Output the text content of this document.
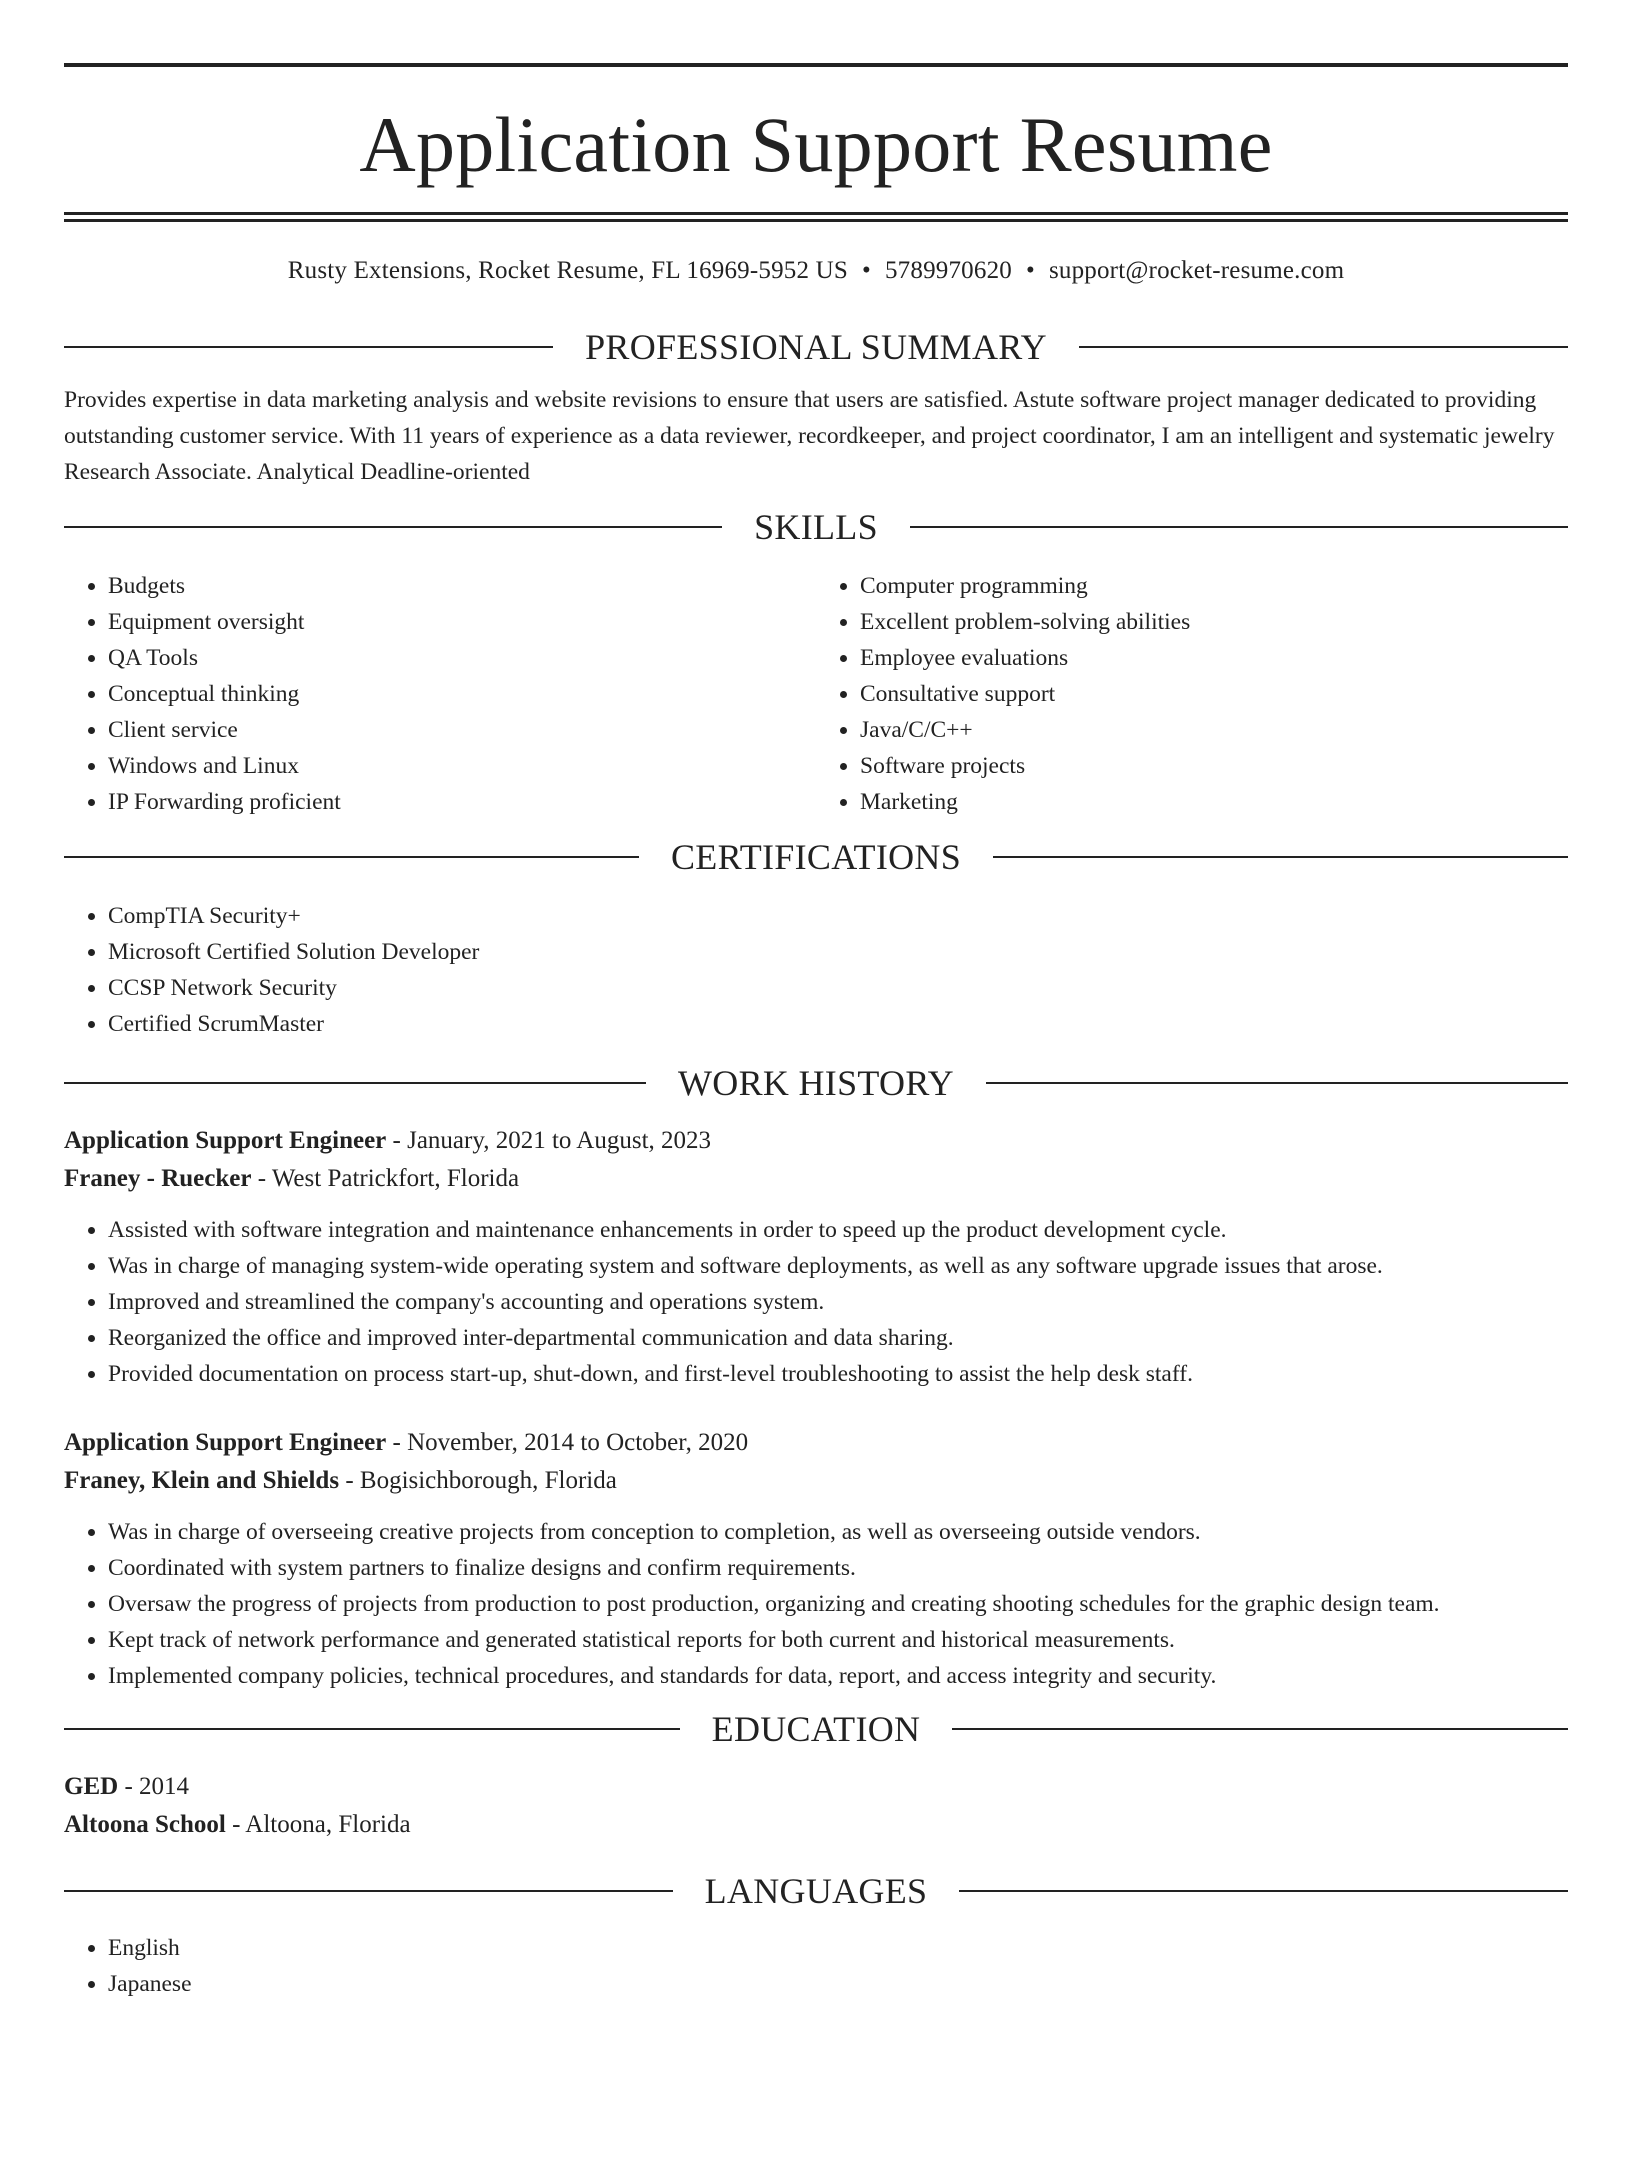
Application Support Resume
Rusty Extensions, Rocket Resume, FL 16969-5952 US • 5789970620 • support@rocket-resume.com
PROFESSIONAL SUMMARY
Provides expertise in data marketing analysis and website revisions to ensure that users are satisfied. Astute software project manager dedicated to providing outstanding customer service. With 11 years of experience as a data reviewer, recordkeeper, and project coordinator, I am an intelligent and systematic jewelry Research Associate. Analytical Deadline-oriented
SKILLS
• Budgets
• Equipment oversight
• QA Tools
• Conceptual thinking
• Client service
• Windows and Linux
• IP Forwarding proficient
• Computer programming
• Excellent problem-solving abilities
• Employee evaluations
• Consultative support
• Java/C/C++
• Software projects
• Marketing
CERTIFICATIONS
• CompTIA Security+
• Microsoft Certified Solution Developer
• CCSP Network Security
• Certified ScrumMaster
WORK HISTORY
Application Support Engineer - January, 2021 to August, 2023
Franey - Ruecker - West Patrickfort, Florida
• Assisted with software integration and maintenance enhancements in order to speed up the product development cycle.
• Was in charge of managing system-wide operating system and software deployments, as well as any software upgrade issues that arose.
• Improved and streamlined the company's accounting and operations system.
• Reorganized the office and improved inter-departmental communication and data sharing.
• Provided documentation on process start-up, shut-down, and first-level troubleshooting to assist the help desk staff.
Application Support Engineer - November, 2014 to October, 2020
Franey, Klein and Shields - Bogisichborough, Florida
• Was in charge of overseeing creative projects from conception to completion, as well as overseeing outside vendors.
• Coordinated with system partners to finalize designs and confirm requirements.
• Oversaw the progress of projects from production to post production, organizing and creating shooting schedules for the graphic design team.
• Kept track of network performance and generated statistical reports for both current and historical measurements.
• Implemented company policies, technical procedures, and standards for data, report, and access integrity and security.
EDUCATION
GED - 2014
Altoona School - Altoona, Florida
LANGUAGES
• English
• Japanese
